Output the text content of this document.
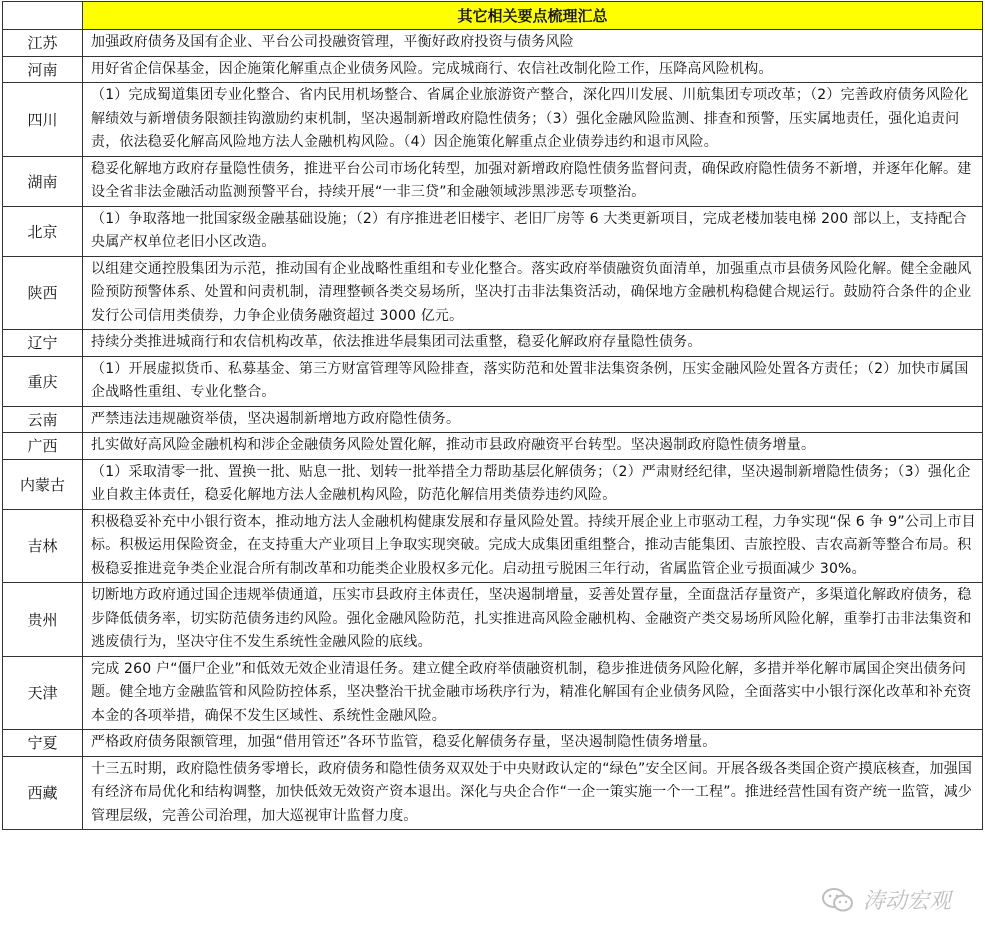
	其它相关要点梳理汇总
江苏	加强政府债务及国有企业、平台公司投融资管理，平衡好政府投资与债务风险
河南	用好省企信保基金，因企施策化解重点企业债务风险。完成城商行、农信社改制化险工作，压降高风险机构。
四川	（1）完成蜀道集团专业化整合、省内民用机场整合、省属企业旅游资产整合，深化四川发展、川航集团专项改革；（2）完善政府债务风险化解绩效与新增债务限额挂钩激励约束机制，坚决遏制新增政府隐性债务；（3）强化金融风险监测、排查和预警，压实属地责任，强化追责问责，依法稳妥化解高风险地方法人金融机构风险。（4）因企施策化解重点企业债券违约和退市风险。
湖南	稳妥化解地方政府存量隐性债务，推进平台公司市场化转型，加强对新增政府隐性债务监督问责，确保政府隐性债务不新增，并逐年化解。建设全省非法金融活动监测预警平台，持续开展“一非三贷”和金融领域涉黑涉恶专项整治。
北京	（1）争取落地一批国家级金融基础设施；（2）有序推进老旧楼宇、老旧厂房等 6 大类更新项目，完成老楼加装电梯 200 部以上，支持配合央属产权单位老旧小区改造。
陕西	以组建交通控股集团为示范，推动国有企业战略性重组和专业化整合。落实政府举债融资负面清单，加强重点市县债务风险化解。健全金融风险预防预警体系、处置和问责机制，清理整顿各类交易场所，坚决打击非法集资活动，确保地方金融机构稳健合规运行。鼓励符合条件的企业发行公司信用类债券，力争企业债务融资超过 3000 亿元。
辽宁	持续分类推进城商行和农信机构改革，依法推进华晨集团司法重整，稳妥化解政府存量隐性债务。
重庆	（1）开展虚拟货币、私募基金、第三方财富管理等风险排查，落实防范和处置非法集资条例，压实金融风险处置各方责任；（2）加快市属国企战略性重组、专业化整合。
云南	严禁违法违规融资举债，坚决遏制新增地方政府隐性债务。
广西	扎实做好高风险金融机构和涉企金融债务风险处置化解，推动市县政府融资平台转型。坚决遏制政府隐性债务增量。
内蒙古	（1）采取清零一批、置换一批、贴息一批、划转一批举措全力帮助基层化解债务；（2）严肃财经纪律，坚决遏制新增隐性债务；（3）强化企业自救主体责任，稳妥化解地方法人金融机构风险，防范化解信用类债券违约风险。
吉林	积极稳妥补充中小银行资本，推动地方法人金融机构健康发展和存量风险处置。持续开展企业上市驱动工程，力争实现“保 6 争 9”公司上市目标。积极运用保险资金，在支持重大产业项目上争取实现突破。完成大成集团重组整合，推动吉能集团、吉旅控股、吉农高新等整合布局。积极稳妥推进竞争类企业混合所有制改革和功能类企业股权多元化。启动扭亏脱困三年行动，省属监管企业亏损面减少 30%。
贵州	切断地方政府通过国企违规举债通道，压实市县政府主体责任，坚决遏制增量，妥善处置存量，全面盘活存量资产，多渠道化解政府债务，稳步降低债务率，切实防范债务违约风险。强化金融风险防范，扎实推进高风险金融机构、金融资产类交易场所风险化解，重拳打击非法集资和逃废债行为，坚决守住不发生系统性金融风险的底线。
天津	完成 260 户“僵尸企业”和低效无效企业清退任务。建立健全政府举债融资机制，稳步推进债务风险化解，多措并举化解市属国企突出债务问题。健全地方金融监管和风险防控体系，坚决整治干扰金融市场秩序行为，精准化解国有企业债务风险，全面落实中小银行深化改革和补充资本金的各项举措，确保不发生区域性、系统性金融风险。
宁夏	严格政府债务限额管理，加强“借用管还”各环节监管，稳妥化解债务存量，坚决遏制隐性债务增量。
西藏	十三五时期，政府隐性债务零增长，政府债务和隐性债务双双处于中央财政认定的“绿色”安全区间。开展各级各类国企资产摸底核查，加强国有经济布局优化和结构调整，加快低效无效资产资本退出。深化与央企合作“一企一策实施一个一工程”。推进经营性国有资产统一监管，减少管理层级，完善公司治理，加大巡视审计监督力度。
涛动宏观
